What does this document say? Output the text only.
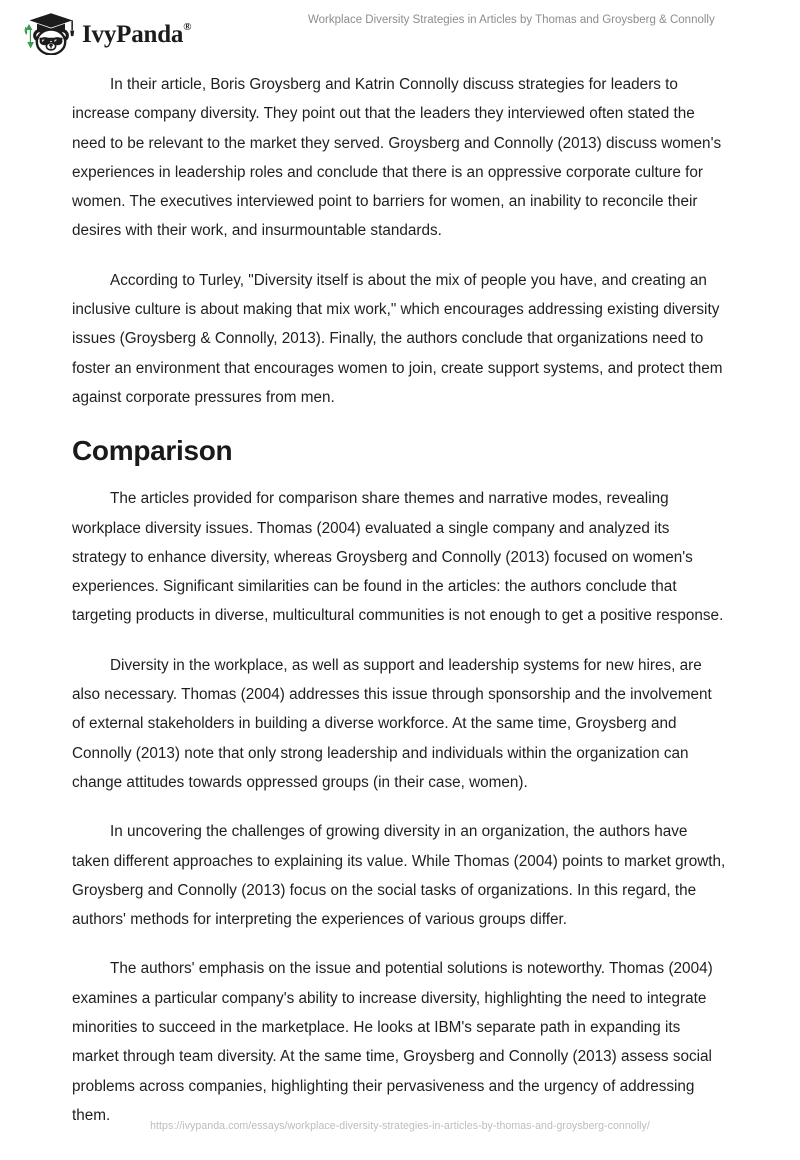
IvyPanda®
Workplace Diversity Strategies in Articles by Thomas and Groysberg & Connolly

In their article, Boris Groysberg and Katrin Connolly discuss strategies for leaders to increase company diversity. They point out that the leaders they interviewed often stated the need to be relevant to the market they served. Groysberg and Connolly (2013) discuss women's experiences in leadership roles and conclude that there is an oppressive corporate culture for women. The executives interviewed point to barriers for women, an inability to reconcile their desires with their work, and insurmountable standards.

According to Turley, "Diversity itself is about the mix of people you have, and creating an inclusive culture is about making that mix work," which encourages addressing existing diversity issues (Groysberg & Connolly, 2013). Finally, the authors conclude that organizations need to foster an environment that encourages women to join, create support systems, and protect them against corporate pressures from men.

Comparison

The articles provided for comparison share themes and narrative modes, revealing workplace diversity issues. Thomas (2004) evaluated a single company and analyzed its strategy to enhance diversity, whereas Groysberg and Connolly (2013) focused on women's experiences. Significant similarities can be found in the articles: the authors conclude that targeting products in diverse, multicultural communities is not enough to get a positive response.

Diversity in the workplace, as well as support and leadership systems for new hires, are also necessary. Thomas (2004) addresses this issue through sponsorship and the involvement of external stakeholders in building a diverse workforce. At the same time, Groysberg and Connolly (2013) note that only strong leadership and individuals within the organization can change attitudes towards oppressed groups (in their case, women).

In uncovering the challenges of growing diversity in an organization, the authors have taken different approaches to explaining its value. While Thomas (2004) points to market growth, Groysberg and Connolly (2013) focus on the social tasks of organizations. In this regard, the authors' methods for interpreting the experiences of various groups differ.

The authors' emphasis on the issue and potential solutions is noteworthy. Thomas (2004) examines a particular company's ability to increase diversity, highlighting the need to integrate minorities to succeed in the marketplace. He looks at IBM's separate path in expanding its market through team diversity. At the same time, Groysberg and Connolly (2013) assess social problems across companies, highlighting their pervasiveness and the urgency of addressing them.

https://ivypanda.com/essays/workplace-diversity-strategies-in-articles-by-thomas-and-groysberg-connolly/
